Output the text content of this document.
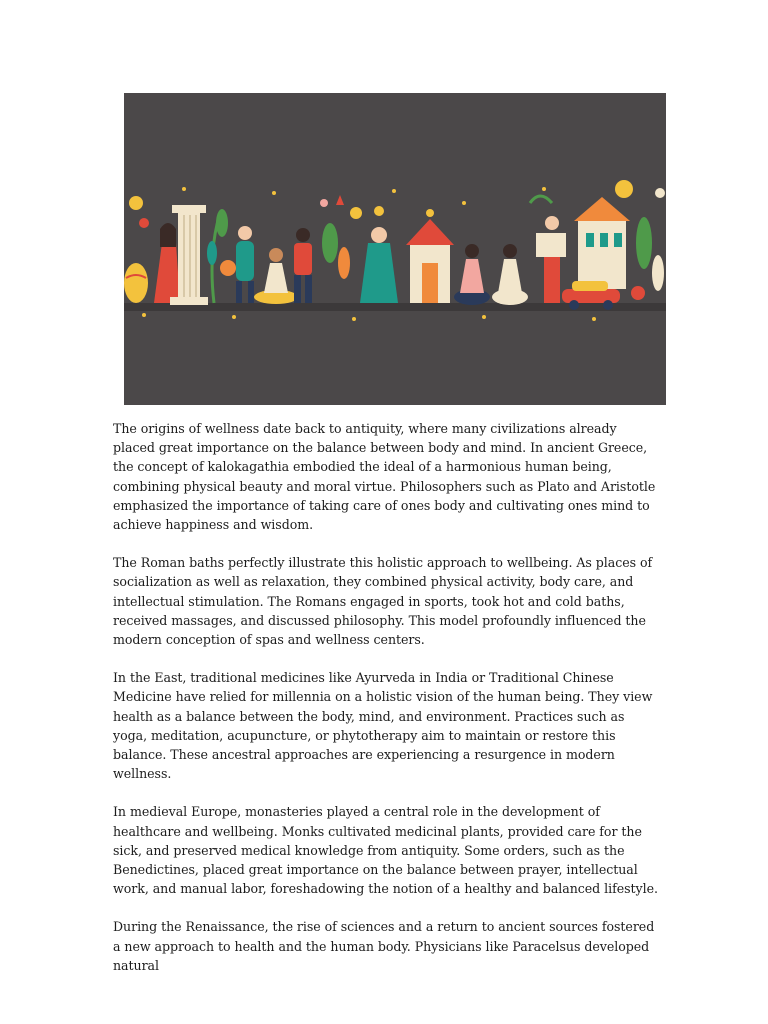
The origins of wellness date back to antiquity, where many civilizations already placed great importance on the balance between body and mind. In ancient Greece, the concept of kalokagathia embodied the ideal of a harmonious human being, combining physical beauty and moral virtue. Philosophers such as Plato and Aristotle emphasized the importance of taking care of ones body and cultivating ones mind to achieve happiness and wisdom.

The Roman baths perfectly illustrate this holistic approach to wellbeing. As places of socialization as well as relaxation, they combined physical activity, body care, and intellectual stimulation. The Romans engaged in sports, took hot and cold baths, received massages, and discussed philosophy. This model profoundly influenced the modern conception of spas and wellness centers.

In the East, traditional medicines like Ayurveda in India or Traditional Chinese Medicine have relied for millennia on a holistic vision of the human being. They view health as a balance between the body, mind, and environment. Practices such as yoga, meditation, acupuncture, or phytotherapy aim to maintain or restore this balance. These ancestral approaches are experiencing a resurgence in modern wellness.

In medieval Europe, monasteries played a central role in the development of healthcare and wellbeing. Monks cultivated medicinal plants, provided care for the sick, and preserved medical knowledge from antiquity. Some orders, such as the Benedictines, placed great importance on the balance between prayer, intellectual work, and manual labor, foreshadowing the notion of a healthy and balanced lifestyle.

During the Renaissance, the rise of sciences and a return to ancient sources fostered a new approach to health and the human body. Physicians like Paracelsus developed natural
